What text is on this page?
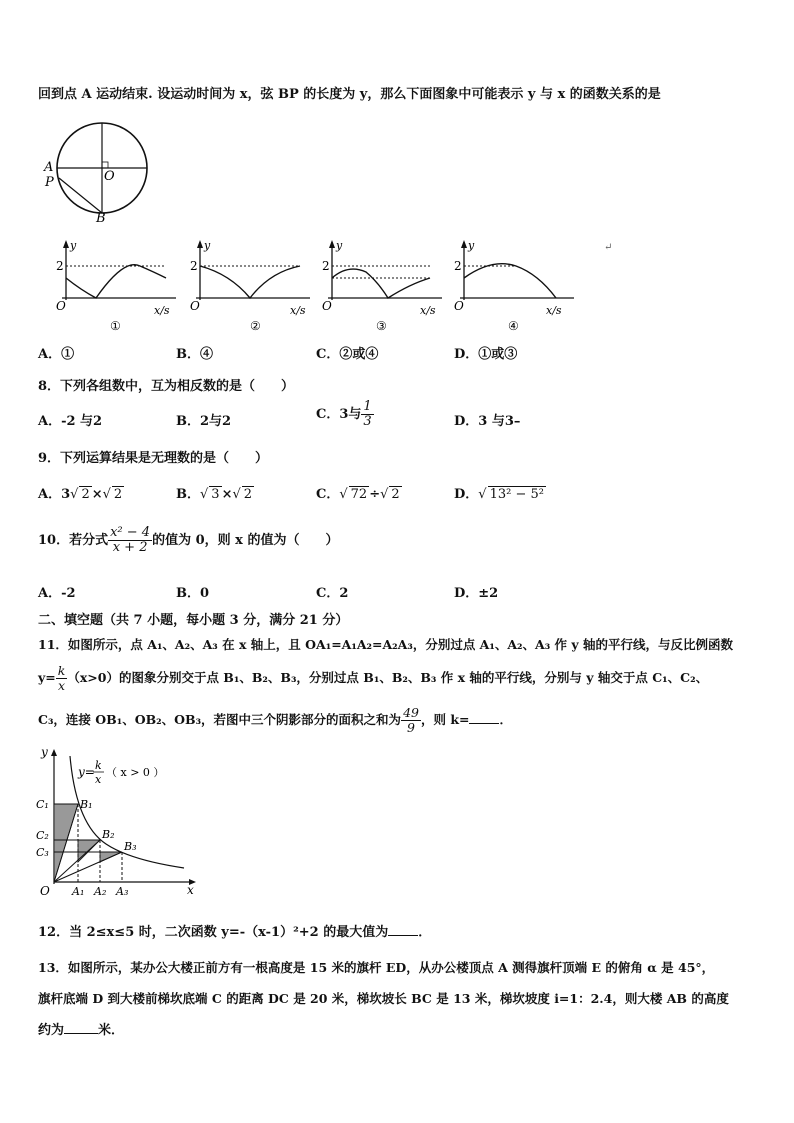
回到点 A 运动结束. 设运动时间为 x，弦 BP 的长度为 y，那么下面图象中可能表示 y 与 x 的函数关系的是
A
P	O
B
y
2
O	x/s
①
y
2
O	x/s
②
y
2
O	x/s
③
y
2
O	x/s
④
↵
A．①	B．④	C．②或④	D．①或③
8．下列各组数中，互为相反数的是（　　）
A．-2 与2	B．2与2	C．3与 $\frac{1}{3}$	D．3 与3–
9．下列运算结果是无理数的是（　　）
A．3√ 2 ×√ 2	B．√ 3 ×√ 2	C．√ 72 ÷√ 2	D．√ 13² − 5²
10．若分式 $\frac{\text{x² − 4}}{x + 2}$ 的值为 0，则 x 的值为（　　）
A．-2	B．0	C．2	D．±2
二、填空题（共 7 小题，每小题 3 分，满分 21 分）
11．如图所示，点 A₁、A₂、A₃ 在 x 轴上，且 OA₁=A₁A₂=A₂A₃，分别过点 A₁、A₂、A₃ 作 y 轴的平行线，与反比例函数
$y= \frac{k}{x} (x>0)$的图象分别交于点 B₁、B₂、B₃，分别过点 B₁、B₂、B₃ 作 x 轴的平行线，分别与 y 轴交于点 C₁、C₂、
C₃，连接 OB₁、OB₂、OB₃，若图中三个阴影部分的面积之和为 $\frac{49}{9}$ ，则 k= ．
y
x
O
y= k
x
（ x > 0 ）
C₁
C₂
C₃
B₁
B₂
B₃
A₁ A₂ A₃
12．当 2≤x≤5 时，二次函数 y=-（x-1）²+2 的最大值为 ．
13．如图所示，某办公大楼正前方有一根高度是 15 米的旗杆 ED，从办公楼顶点 A 测得旗杆顶端 E 的俯角 α 是 45°，
旗杆底端 D 到大楼前梯坎底端 C 的距离 DC 是 20 米，梯坎坡长 BC 是 13 米，梯坎坡度 i=1：2.4，则大楼 AB 的高度
约为	米．
